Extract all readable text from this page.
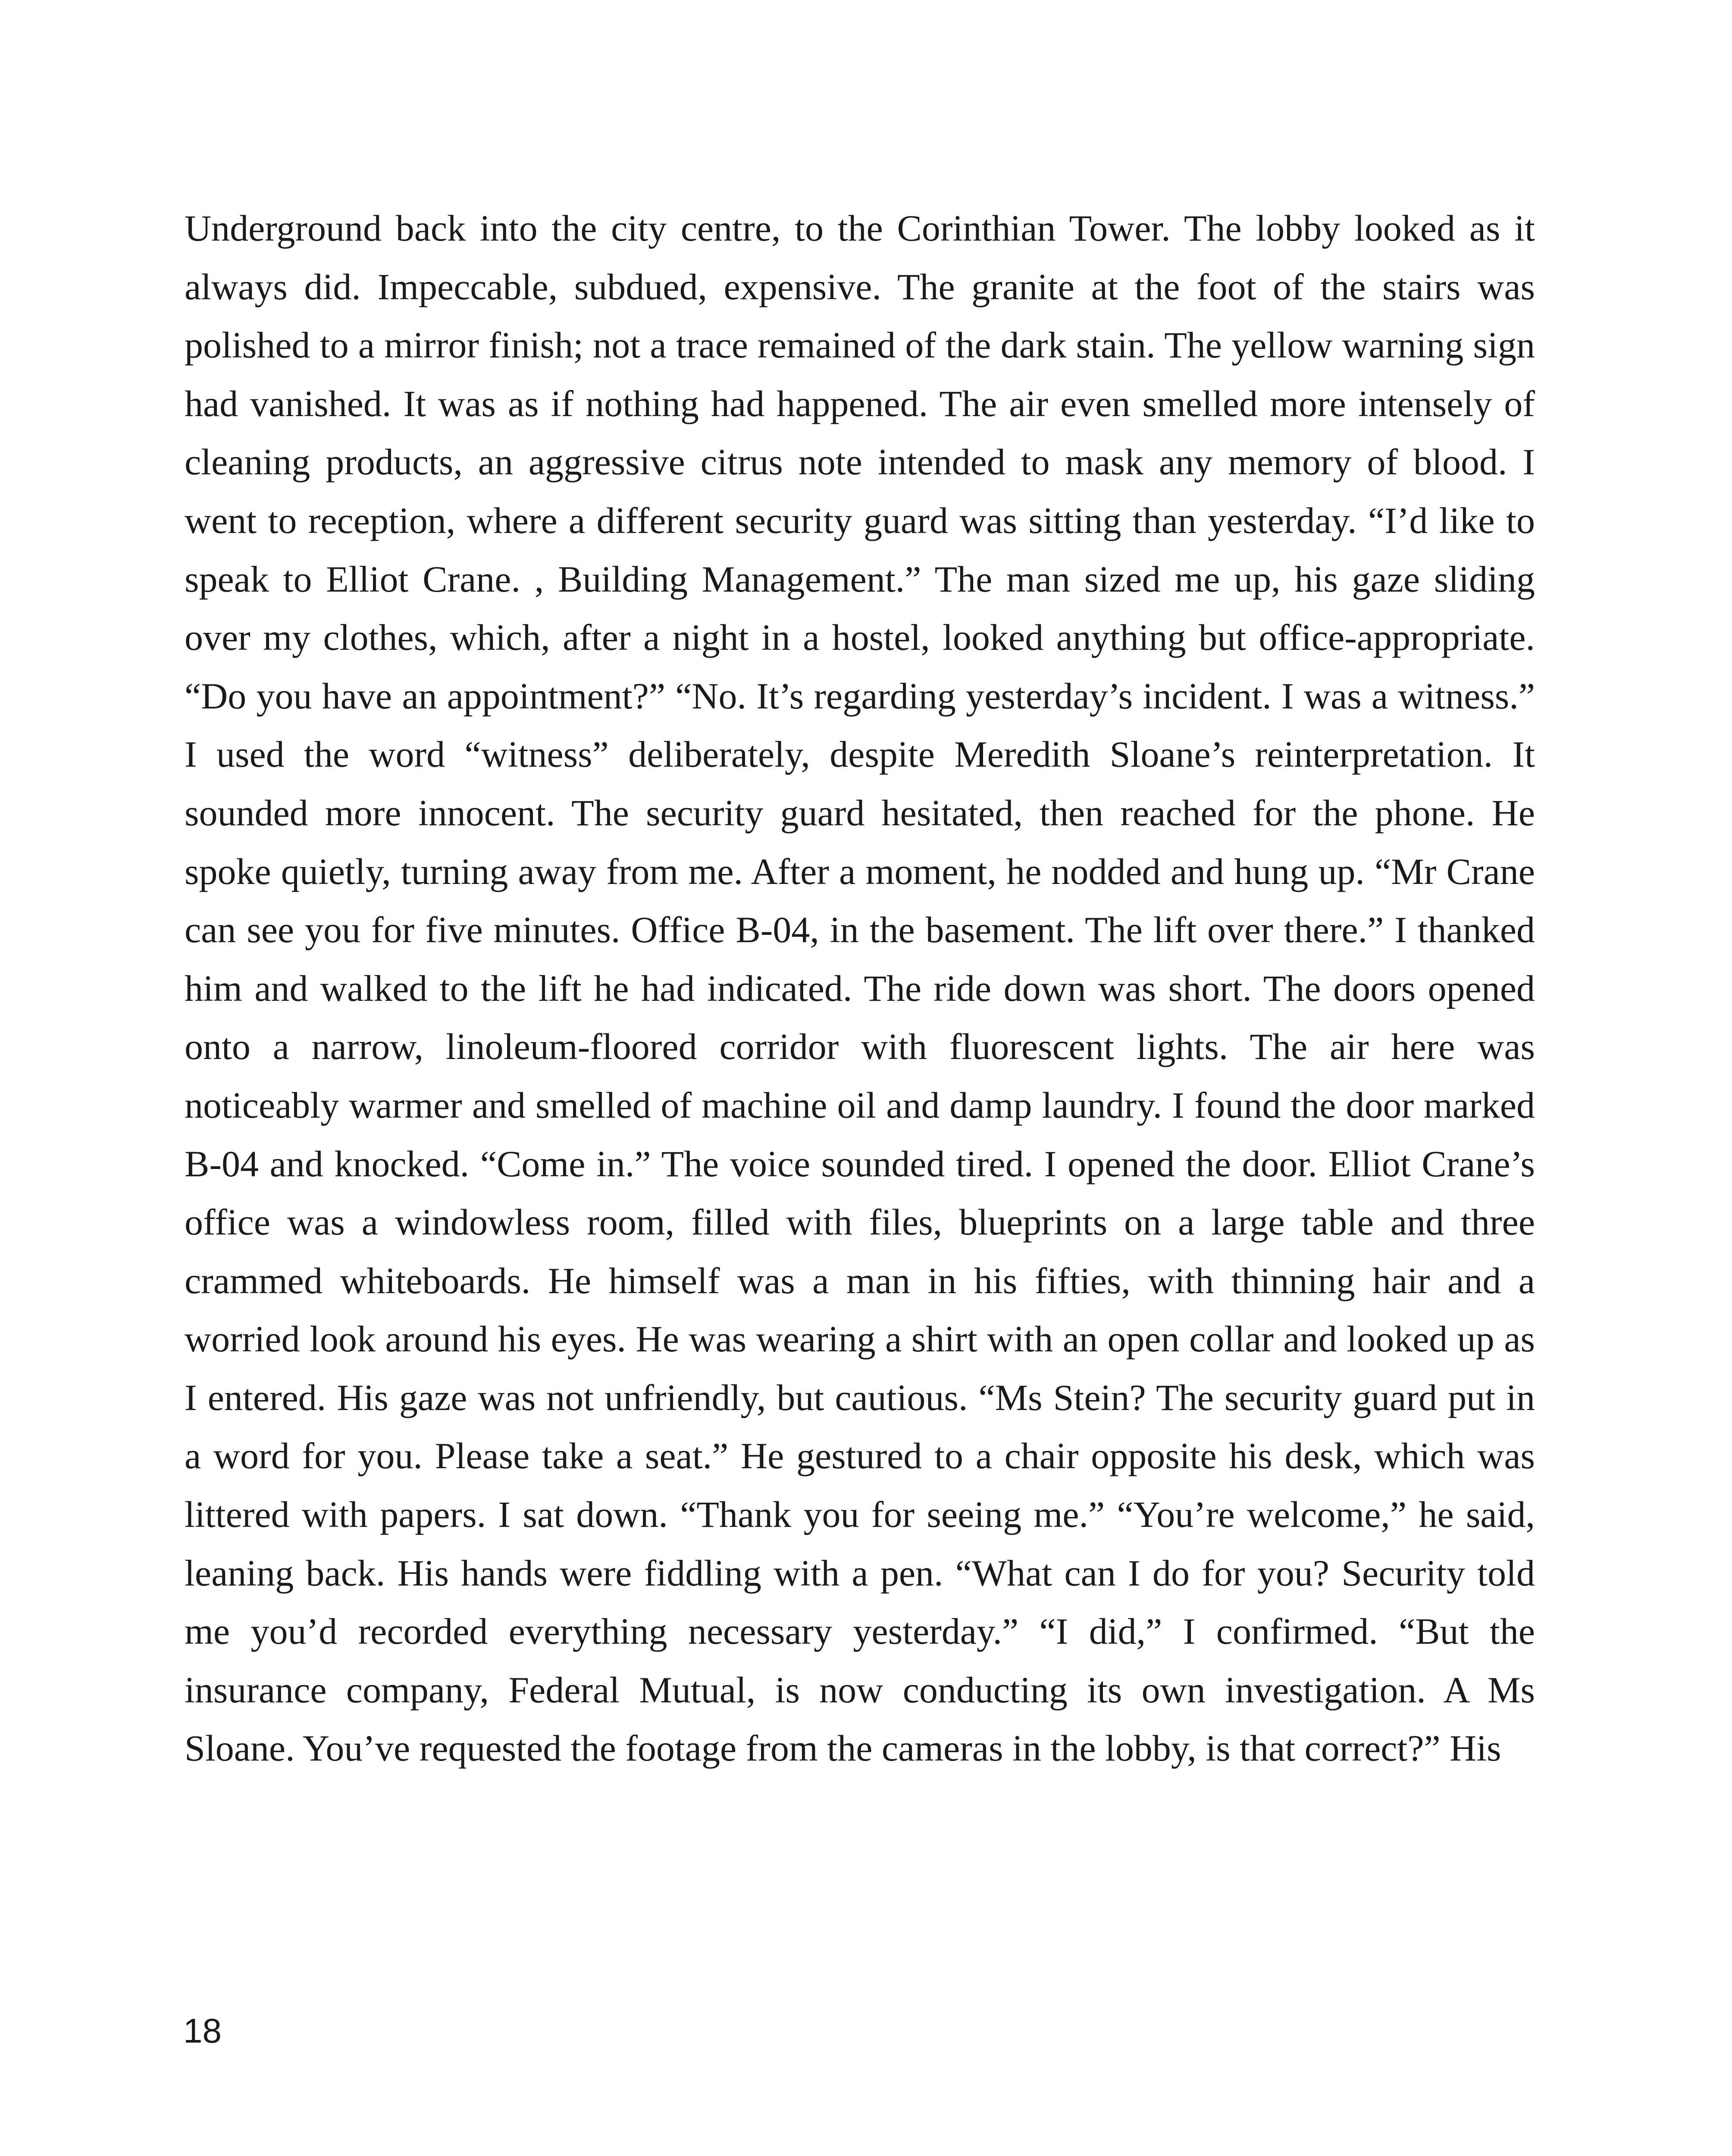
Underground back into the city centre, to the Corinthian Tower. The lobby looked as it always did. Impeccable, subdued, expensive. The granite at the foot of the stairs was polished to a mirror finish; not a trace remained of the dark stain. The yellow warning sign had vanished. It was as if nothing had happened. The air even smelled more intensely of cleaning products, an aggressive citrus note intended to mask any memory of blood. I went to reception, where a different security guard was sitting than yesterday. “I’d like to speak to Elliot Crane. , Building Management.” The man sized me up, his gaze sliding over my clothes, which, after a night in a hostel, looked anything but office-appropriate. “Do you have an appointment?” “No. It’s regarding yesterday’s incident. I was a witness.” I used the word “witness” deliberately, despite Meredith Sloane’s reinterpretation. It sounded more innocent. The security guard hesitated, then reached for the phone. He spoke quietly, turning away from me. After a moment, he nodded and hung up. “Mr Crane can see you for five minutes. Office B-04, in the basement. The lift over there.” I thanked him and walked to the lift he had indicated. The ride down was short. The doors opened onto a narrow, linoleum-floored corridor with fluorescent lights. The air here was noticeably warmer and smelled of machine oil and damp laundry. I found the door marked B-04 and knocked. “Come in.” The voice sounded tired. I opened the door. Elliot Crane’s office was a windowless room, filled with files, blueprints on a large table and three crammed whiteboards. He himself was a man in his fifties, with thinning hair and a worried look around his eyes. He was wearing a shirt with an open collar and looked up as I entered. His gaze was not unfriendly, but cautious. “Ms Stein? The security guard put in a word for you. Please take a seat.” He gestured to a chair opposite his desk, which was littered with papers. I sat down. “Thank you for seeing me.” “You’re welcome,” he said, leaning back. His hands were fiddling with a pen. “What can I do for you? Security told me you’d recorded everything necessary yesterday.” “I did,” I confirmed. “But the insurance company, Federal Mutual, is now conducting its own investigation. A Ms Sloane. You’ve requested the footage from the cameras in the lobby, is that correct?” His

18
